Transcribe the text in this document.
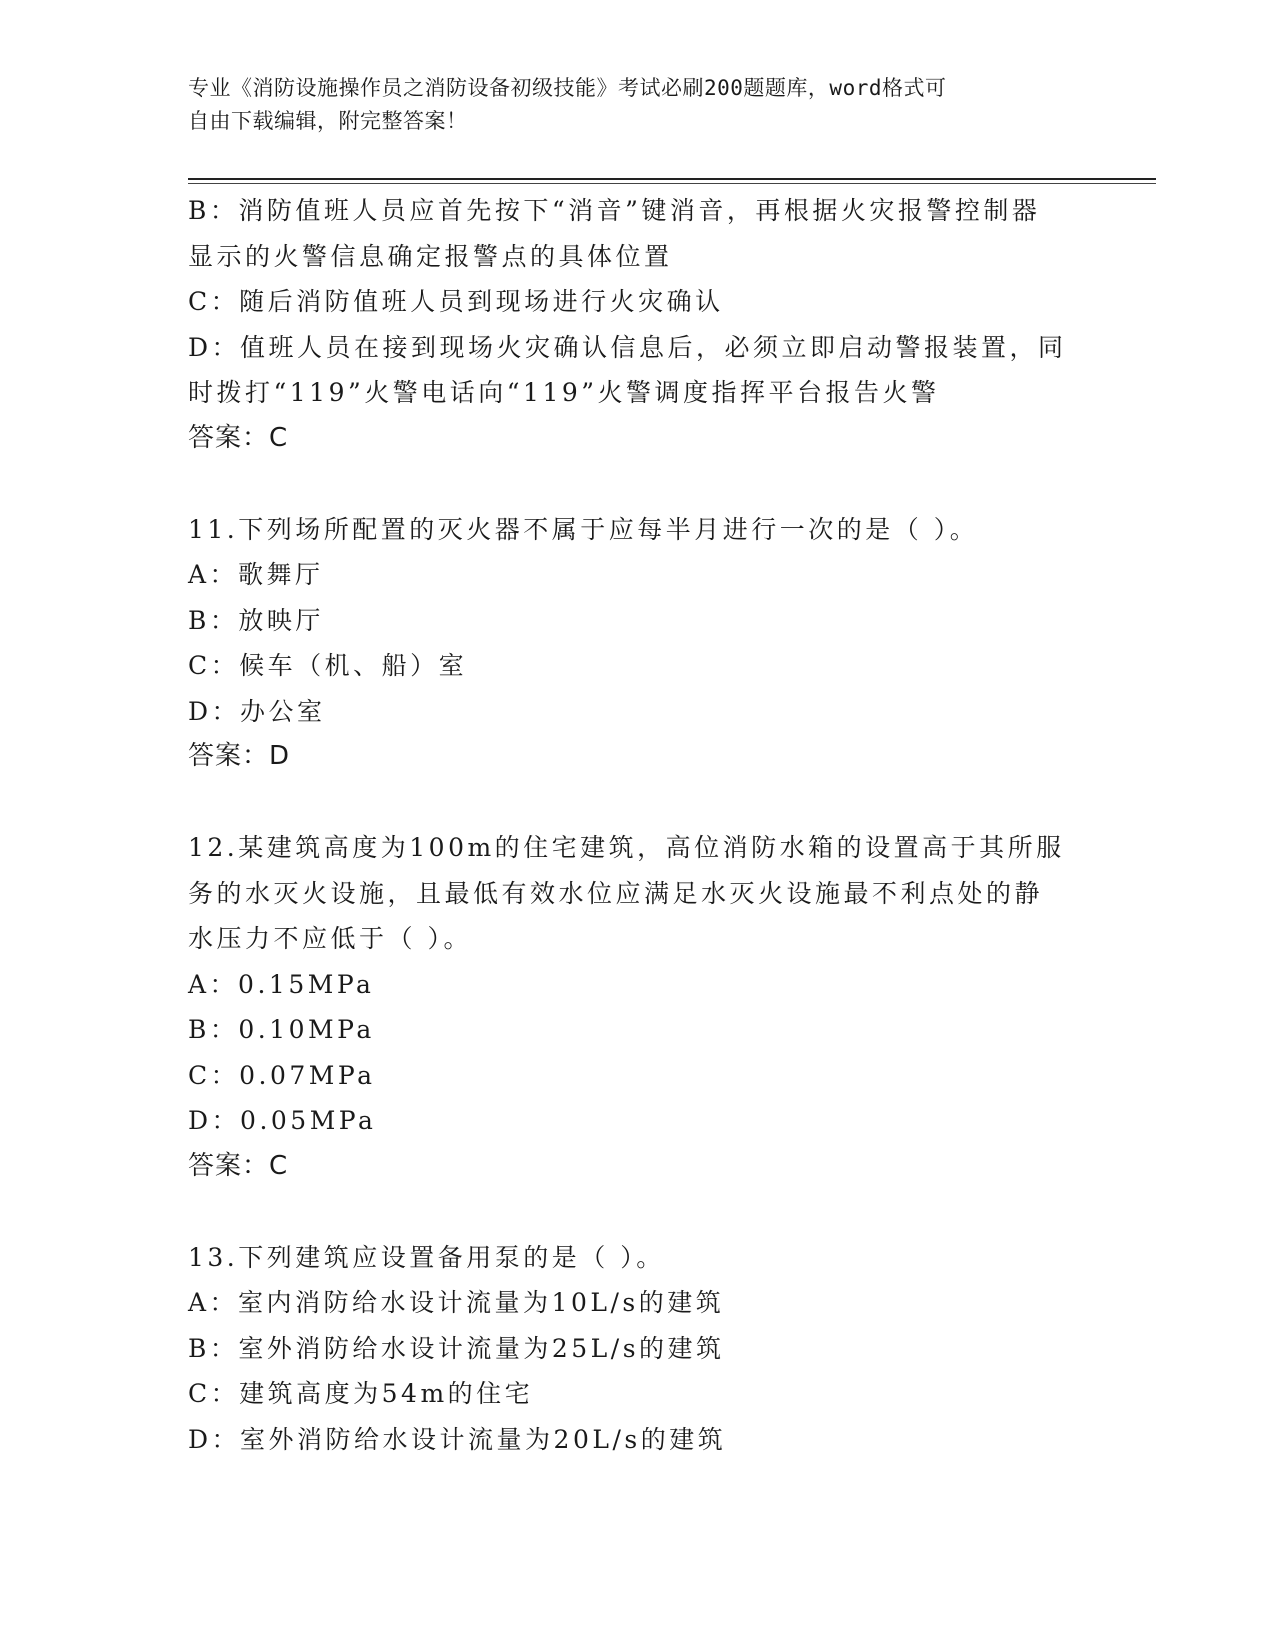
专业《消防设施操作员之消防设备初级技能》考试必刷200题题库，word格式可
自由下载编辑，附完整答案！
B：消防值班人员应首先按下“消音”键消音，再根据火灾报警控制器
显示的火警信息确定报警点的具体位置
C：随后消防值班人员到现场进行火灾确认
D：值班人员在接到现场火灾确认信息后，必须立即启动警报装置，同
时拨打“119”火警电话向“119”火警调度指挥平台报告火警
答案：C
11.下列场所配置的灭火器不属于应每半月进行一次的是（ ）。
A：歌舞厅
B：放映厅
C：候车（机、船）室
D：办公室
答案：D
12.某建筑高度为100m的住宅建筑，高位消防水箱的设置高于其所服
务的水灭火设施，且最低有效水位应满足水灭火设施最不利点处的静
水压力不应低于（ ）。
A：0.15MPa
B：0.10MPa
C：0.07MPa
D：0.05MPa
答案：C
13.下列建筑应设置备用泵的是（ ）。
A：室内消防给水设计流量为10L/s的建筑
B：室外消防给水设计流量为25L/s的建筑
C：建筑高度为54m的住宅
D：室外消防给水设计流量为20L/s的建筑
